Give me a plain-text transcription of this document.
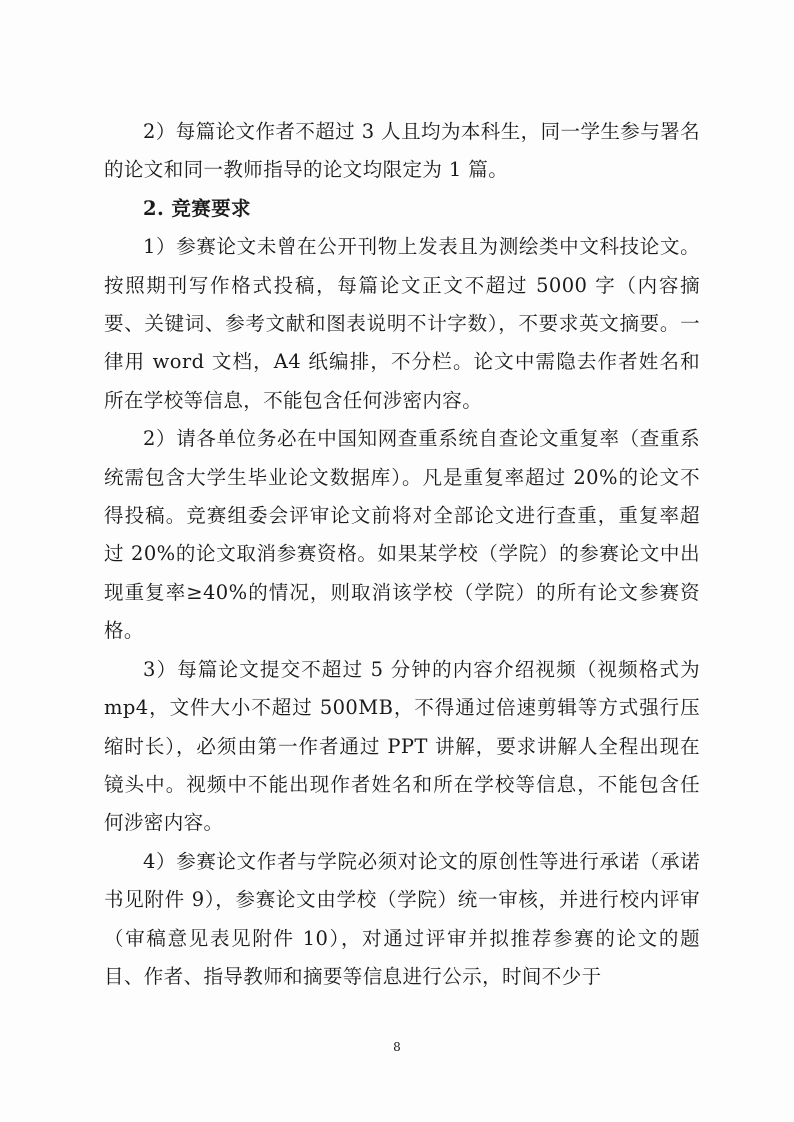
2）每篇论文作者不超过 3 人且均为本科生，同一学生参与署名的论文和同一教师指导的论文均限定为 1 篇。

2. 竞赛要求

1）参赛论文未曾在公开刊物上发表且为测绘类中文科技论文。按照期刊写作格式投稿，每篇论文正文不超过 5000 字（内容摘要、关键词、参考文献和图表说明不计字数），不要求英文摘要。一律用 word 文档，A4 纸编排，不分栏。论文中需隐去作者姓名和所在学校等信息，不能包含任何涉密内容。

2）请各单位务必在中国知网查重系统自查论文重复率（查重系统需包含大学生毕业论文数据库）。凡是重复率超过 20%的论文不得投稿。竞赛组委会评审论文前将对全部论文进行查重，重复率超过 20%的论文取消参赛资格。如果某学校（学院）的参赛论文中出现重复率≥40%的情况，则取消该学校（学院）的所有论文参赛资格。

3）每篇论文提交不超过 5 分钟的内容介绍视频（视频格式为 mp4，文件大小不超过 500MB，不得通过倍速剪辑等方式强行压缩时长），必须由第一作者通过 PPT 讲解，要求讲解人全程出现在镜头中。视频中不能出现作者姓名和所在学校等信息，不能包含任何涉密内容。

4）参赛论文作者与学院必须对论文的原创性等进行承诺（承诺书见附件 9），参赛论文由学校（学院）统一审核，并进行校内评审（审稿意见表见附件 10），对通过评审并拟推荐参赛的论文的题目、作者、指导教师和摘要等信息进行公示，时间不少于

8
